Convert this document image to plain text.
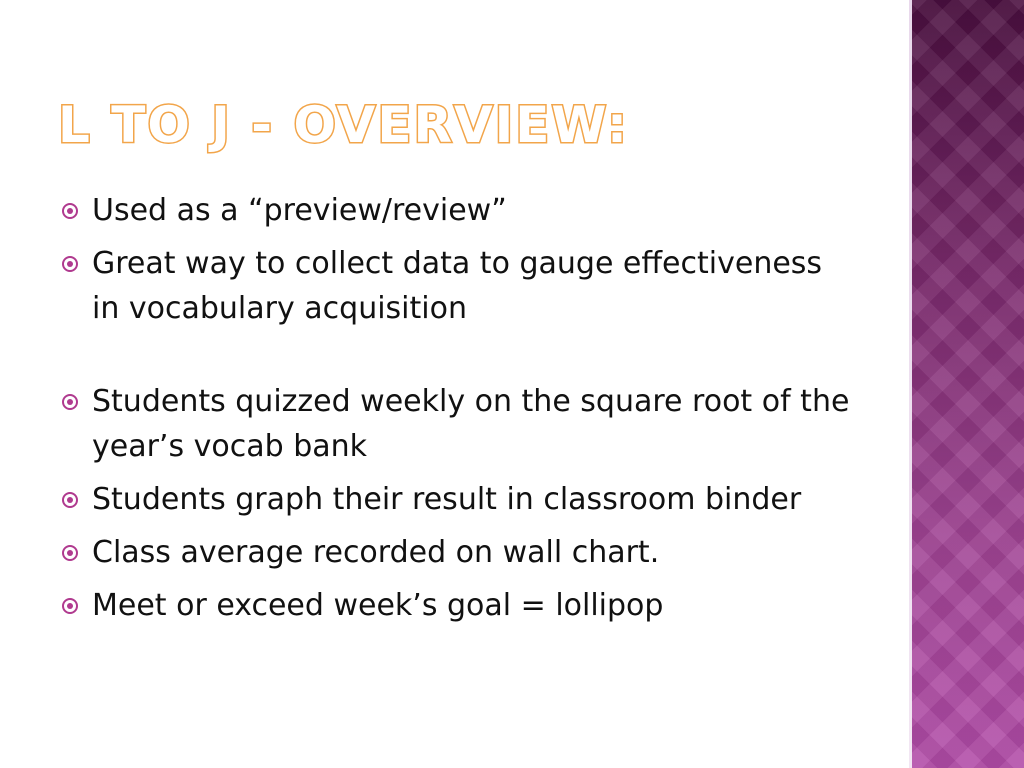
L TO J - OVERVIEW:
Used as a “preview/review”
Great way to collect data to gauge effectiveness in vocabulary acquisition
Students quizzed weekly on the square root of the year’s vocab bank
Students graph their result in classroom binder
Class average recorded on wall chart.
Meet or exceed week’s goal = lollipop
